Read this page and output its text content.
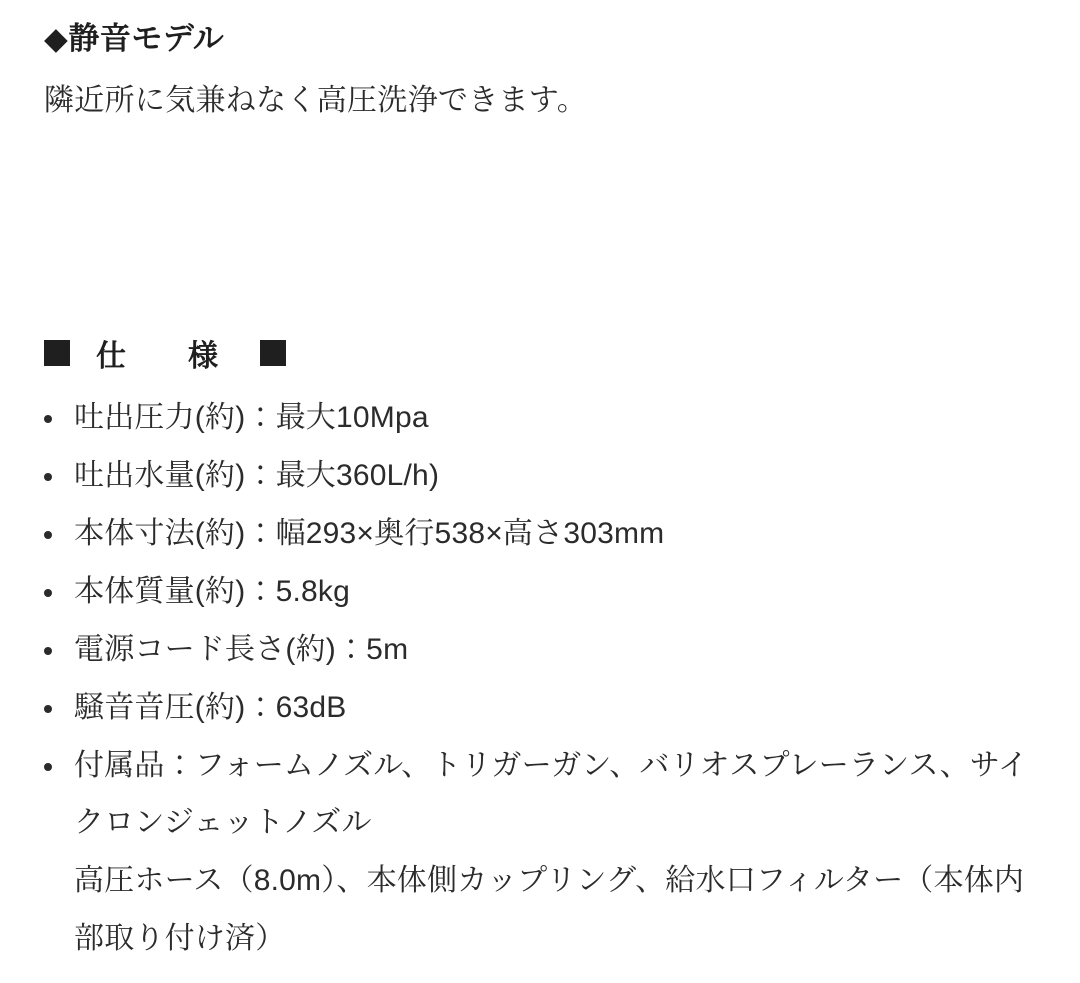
◆静音モデル
隣近所に気兼ねなく高圧洗浄できます。
仕　様
吐出圧力(約)：最大10Mpa
吐出水量(約)：最大360L/h)
本体寸法(約)：幅293×奥行538×高さ303mm
本体質量(約)：5.8kg
電源コード長さ(約)：5m
騒音音圧(約)：63dB
付属品：フォームノズル、トリガーガン、バリオスプレーランス、サイクロンジェットノズル
高圧ホース（8.0m）、本体側カップリング、給水口フィルター（本体内部取り付け済）
